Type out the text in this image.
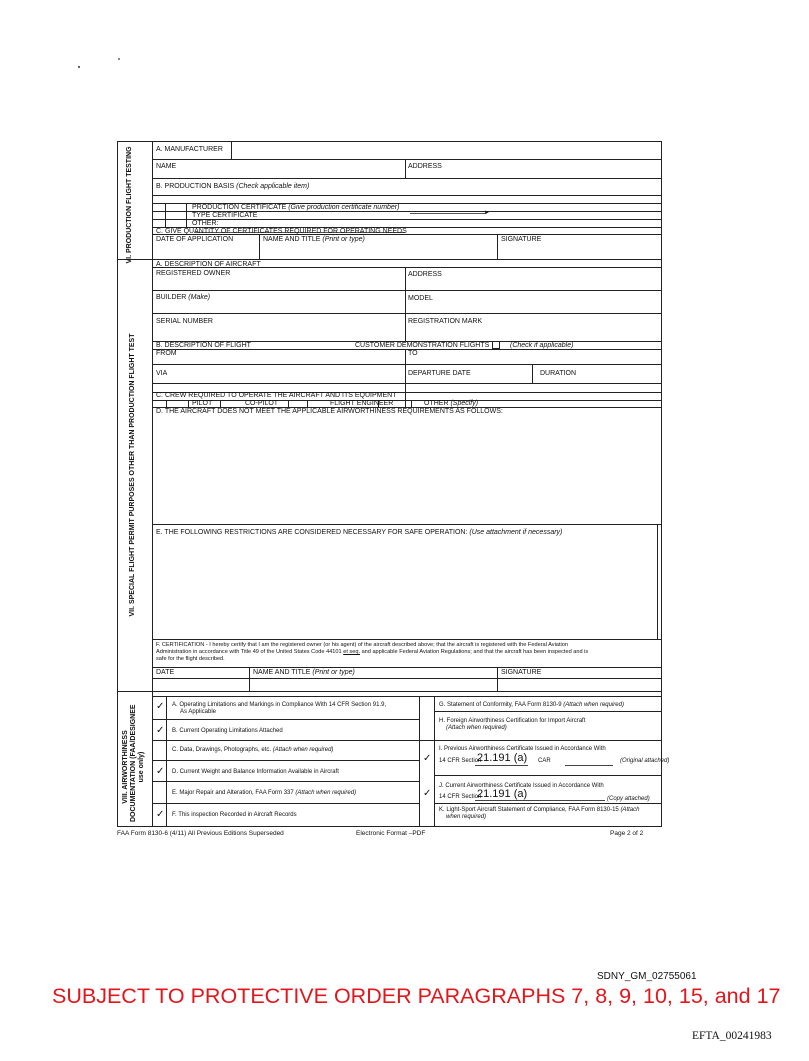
VI. PRODUCTION FLIGHT TESTING
VII. SPECIAL FLIGHT PERMIT PURPOSES OTHER THAN PRODUCTION FLIGHT TEST
VIII. AIRWORTHINESS DOCUMENTATION (FAA/DESIGNEE use only)
A. MANUFACTURER
NAME	ADDRESS
B. PRODUCTION BASIS (Check applicable item)
PRODUCTION CERTIFICATE (Give production certificate number)
►
TYPE CERTIFICATE
OTHER:
C. GIVE QUANTITY OF CERTIFICATES REQUIRED FOR OPERATING NEEDS
DATE OF APPLICATION	NAME AND TITLE (Print or type)	SIGNATURE
A. DESCRIPTION OF AIRCRAFT
REGISTERED OWNER	ADDRESS
BUILDER (Make)	MODEL
SERIAL NUMBER	REGISTRATION MARK
B. DESCRIPTION OF FLIGHT	CUSTOMER DEMONSTRATION FLIGHTS	(Check if applicable)
FROM	TO
VIA	DEPARTURE DATE	DURATION
C. CREW REQUIRED TO OPERATE THE AIRCRAFT AND ITS EQUIPMENT
PILOT	CO-PILOT	FLIGHT ENGINEER	OTHER (Specify)
D. THE AIRCRAFT DOES NOT MEET THE APPLICABLE AIRWORTHINESS REQUIREMENTS AS FOLLOWS:
E. THE FOLLOWING RESTRICTIONS ARE CONSIDERED NECESSARY FOR SAFE OPERATION: (Use attachment if necessary)
F. CERTIFICATION - I hereby certify that I am the registered owner (or his agent) of the aircraft described above; that the aircraft is registered with the Federal Aviation
Administration in accordance with Title 49 of the United States Code 44101 et seq. and applicable Federal Aviation Regulations; and that the aircraft has been inspected and is
safe for the flight described.
DATE	NAME AND TITLE (Print or type)	SIGNATURE
✓ A. Operating Limitations and Markings in Compliance With 14 CFR Section 91.9,
As Applicable
✓ B. Current Operating Limitations Attached
C. Data, Drawings, Photographs, etc. (Attach when required)
✓ D. Current Weight and Balance Information Available in Aircraft
E. Major Repair and Alteration, FAA Form 337 (Attach when required)
✓ F. This inspection Recorded in Aircraft Records
G. Statement of Conformity, FAA Form 8130-9 (Attach when required)
H. Foreign Airworthiness Certification for Import Aircraft
(Attach when required)
✓
I. Previous Airworthiness Certificate Issued in Accordance With
14 CFR Section
21.191 (a) CAR	(Original attached)
✓
J. Current Airworthiness Certificate Issued in Accordance With
14 CFR Section
21.191 (a)	(Copy attached)
K. Light-Sport Aircraft Statement of Compliance, FAA Form 8130-15 (Attach
when required)
FAA Form 8130-6 (4/11) All Previous Editions Superseded	Electronic Format –PDF	Page 2 of 2
SDNY_GM_02755061
SUBJECT TO PROTECTIVE ORDER PARAGRAPHS 7, 8, 9, 10, 15, and 17
EFTA_00241983
